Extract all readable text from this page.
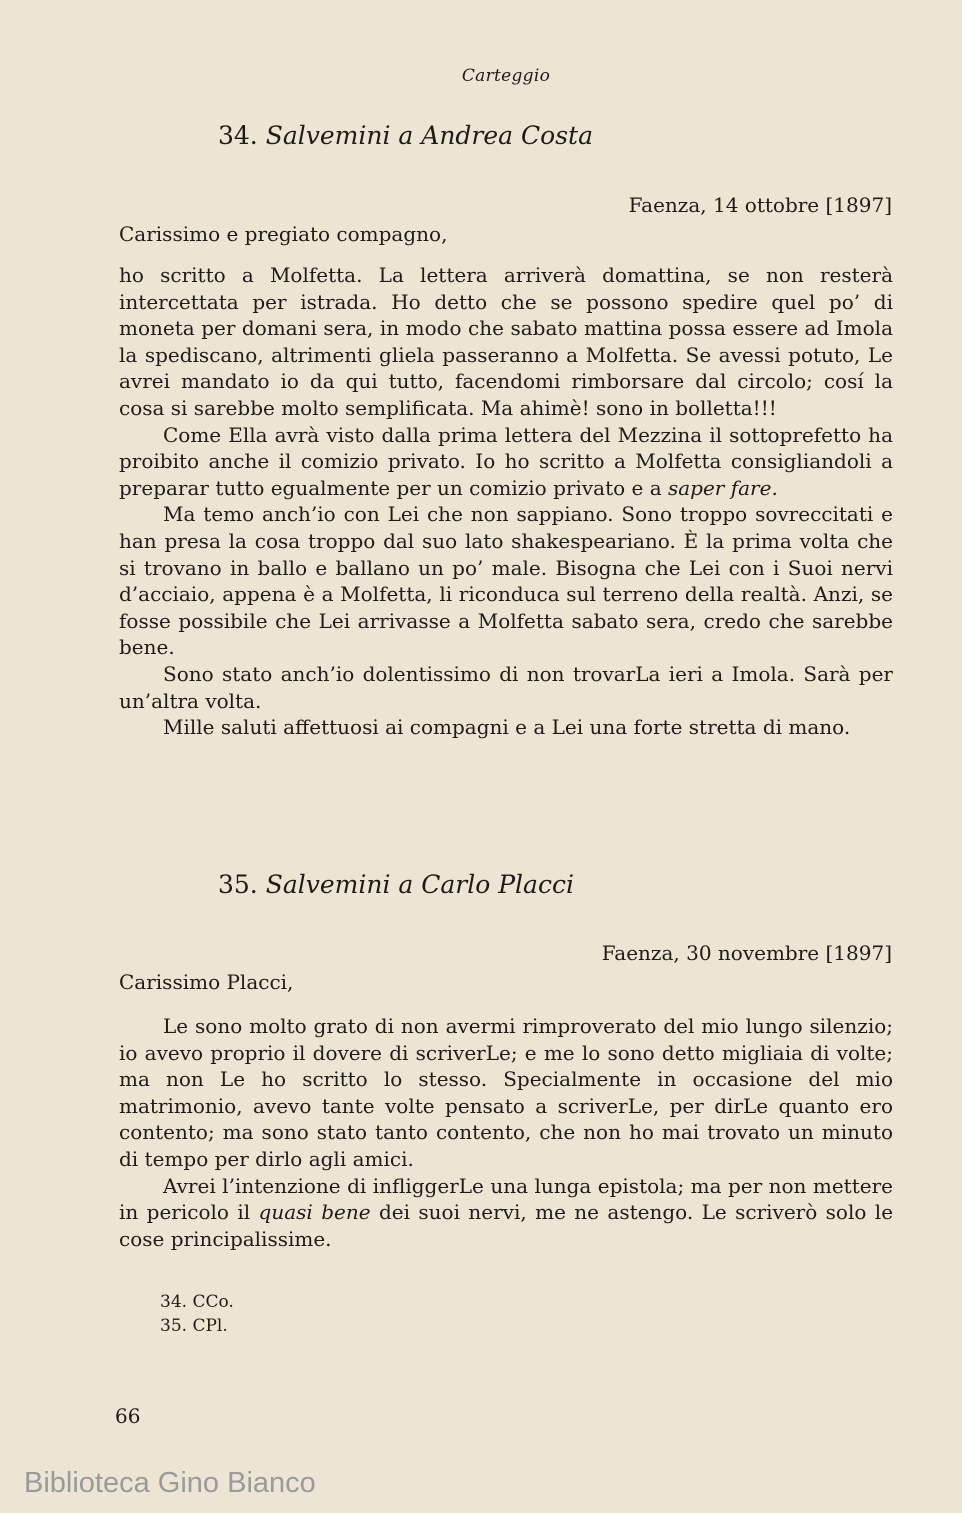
Carteggio
34. Salvemini a Andrea Costa
Faenza, 14 ottobre [1897]
Carissimo e pregiato compagno,

ho scritto a Molfetta. La lettera arriverà domattina, se non resterà intercettata per istrada. Ho detto che se possono spedire quel po’ di moneta per domani sera, in modo che sabato mattina possa essere ad Imola la spediscano, altrimenti gliela passeranno a Molfetta. Se avessi potuto, Le avrei mandato io da qui tutto, facendomi rimborsare dal circolo; cosí la cosa si sarebbe molto semplificata. Ma ahimè! sono in bolletta!!!

Come Ella avrà visto dalla prima lettera del Mezzina il sottoprefetto ha proibito anche il comizio privato. Io ho scritto a Molfetta consigliandoli a preparar tutto egualmente per un comizio privato e a saper fare.

Ma temo anch’io con Lei che non sappiano. Sono troppo sovreccitati e han presa la cosa troppo dal suo lato shakespeariano. È la prima volta che si trovano in ballo e ballano un po’ male. Bisogna che Lei con i Suoi nervi d’acciaio, appena è a Molfetta, li riconduca sul terreno della realtà. Anzi, se fosse possibile che Lei arrivasse a Molfetta sabato sera, credo che sarebbe bene.

Sono stato anch’io dolentissimo di non trovarLa ieri a Imola. Sarà per un’altra volta.

Mille saluti affettuosi ai compagni e a Lei una forte stretta di mano.

35. Salvemini a Carlo Placci
Faenza, 30 novembre [1897]
Carissimo Placci,

Le sono molto grato di non avermi rimproverato del mio lungo silenzio; io avevo proprio il dovere di scriverLe; e me lo sono detto migliaia di volte; ma non Le ho scritto lo stesso. Specialmente in occasione del mio matrimonio, avevo tante volte pensato a scriverLe, per dirLe quanto ero contento; ma sono stato tanto contento, che non ho mai trovato un minuto di tempo per dirlo agli amici.

Avrei l’intenzione di infliggerLe una lunga epistola; ma per non mettere in pericolo il quasi bene dei suoi nervi, me ne astengo. Le scriverò solo le cose principalissime.

34. CCo.
35. CPl.
66
Biblioteca Gino Bianco
